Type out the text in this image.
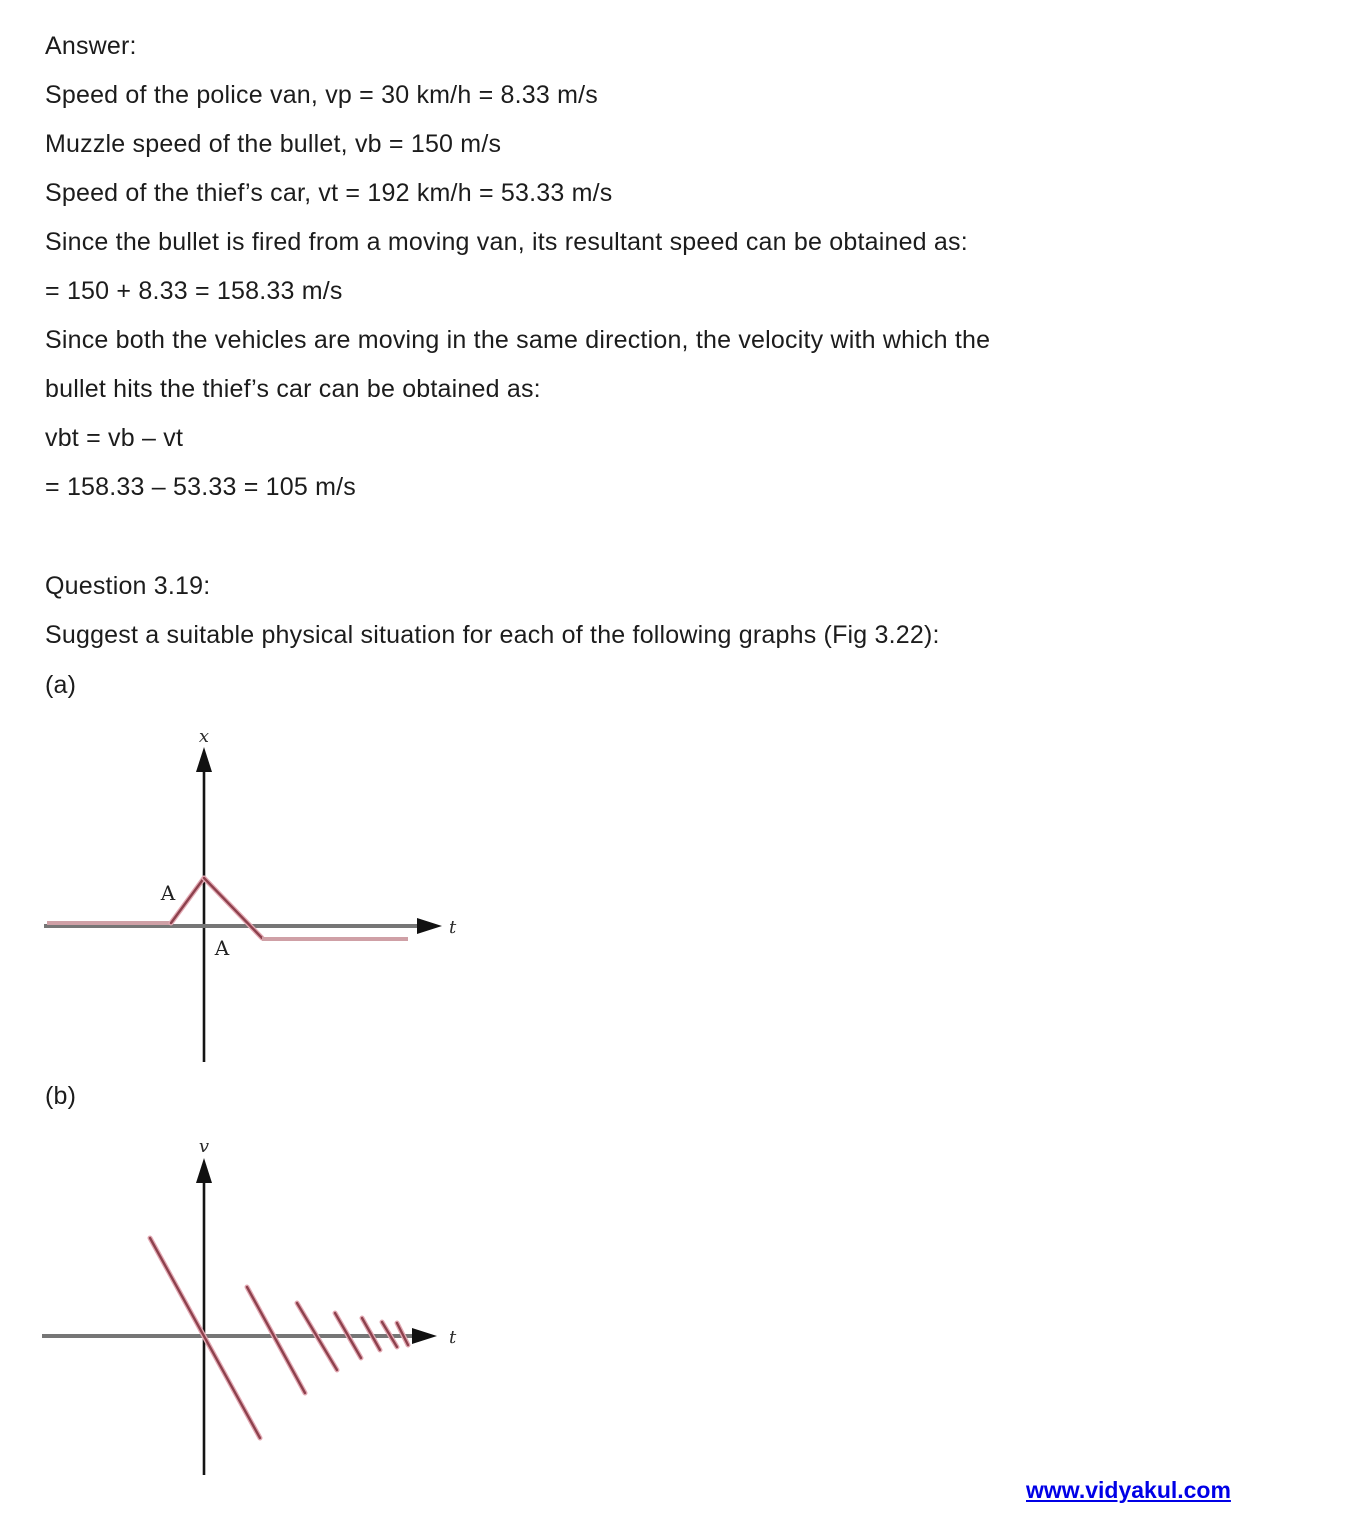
Answer:
Speed of the police van, vp = 30 km/h = 8.33 m/s
Muzzle speed of the bullet, vb = 150 m/s
Speed of the thief’s car, vt = 192 km/h = 53.33 m/s
Since the bullet is fired from a moving van, its resultant speed can be obtained as:
= 150 + 8.33 = 158.33 m/s
Since both the vehicles are moving in the same direction, the velocity with which the
bullet hits the thief’s car can be obtained as:
vbt = vb – vt
= 158.33 – 53.33 = 105 m/s
Question 3.19:
Suggest a suitable physical situation for each of the following graphs (Fig 3.22):
(a)
x
t
A
A
(b)
v
t
www.vidyakul.com
